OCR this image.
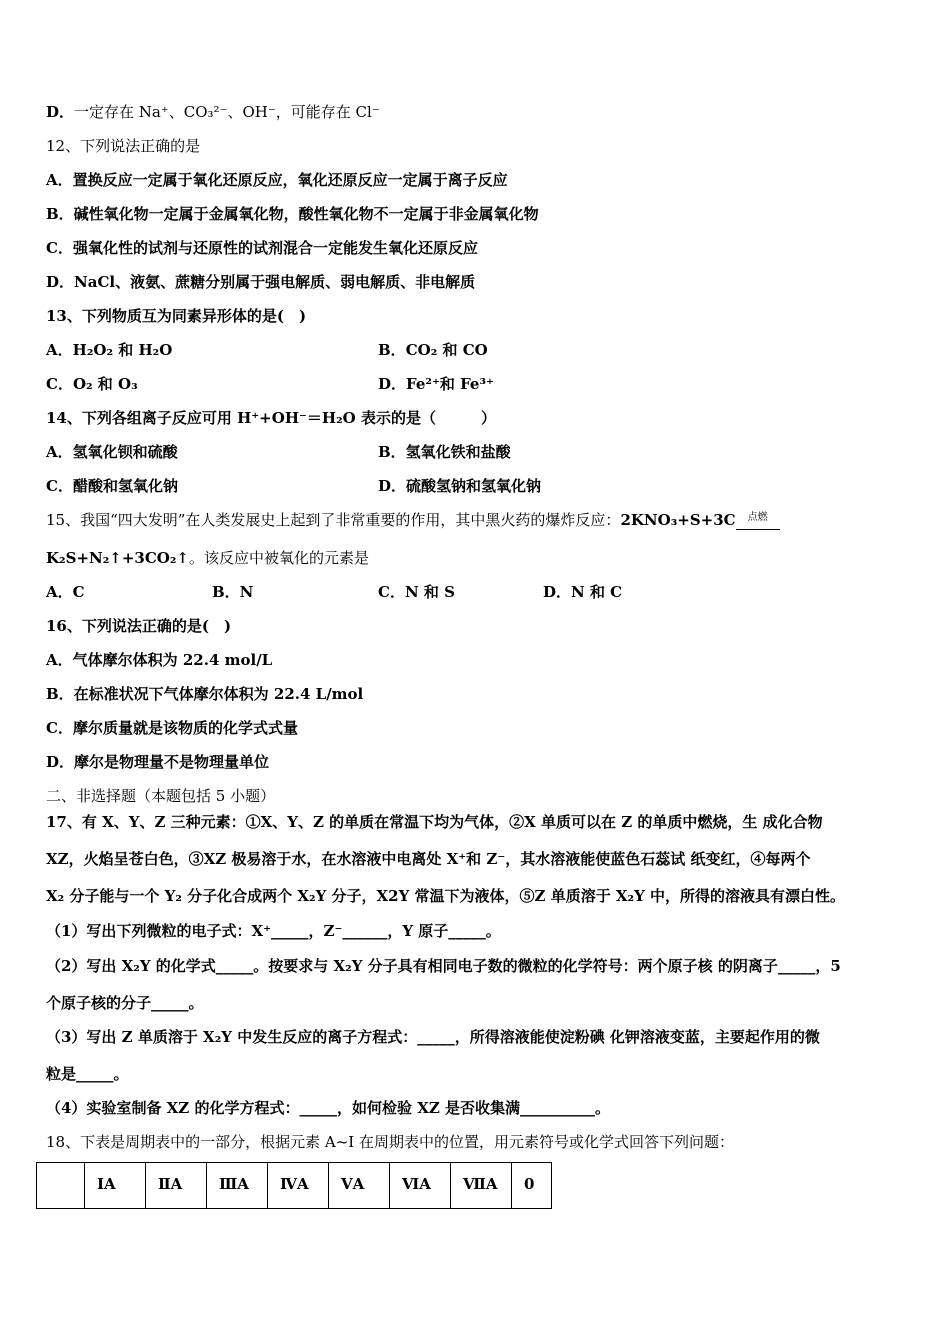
D．一定存在 Na⁺、CO₃²⁻、OH⁻，可能存在 Cl⁻
12、下列说法正确的是
A．置换反应一定属于氧化还原反应，氧化还原反应一定属于离子反应
B．碱性氧化物一定属于金属氧化物，酸性氧化物不一定属于非金属氧化物
C．强氧化性的试剂与还原性的试剂混合一定能发生氧化还原反应
D．NaCl、液氨、蔗糖分别属于强电解质、弱电解质、非电解质
13、下列物质互为同素异形体的是(　)
A．H₂O₂ 和 H₂O	B．CO₂ 和 CO
C．O₂ 和 O₃	D．Fe²⁺和 Fe³⁺
14、下列各组离子反应可用 H⁺+OH⁻＝H₂O 表示的是（　　　）
A．氢氧化钡和硫酸	B．氢氧化铁和盐酸
C．醋酸和氢氧化钠	D．硫酸氢钠和氢氧化钠
15、我国“四大发明”在人类发展史上起到了非常重要的作用，其中黑火药的爆炸反应：2KNO₃+S+3C	点燃
K₂S+N₂↑+3CO₂↑。该反应中被氧化的元素是
A．C	B．N	C．N 和 S	D．N 和 C
16、下列说法正确的是(　)
A．气体摩尔体积为 22.4 mol/L
B．在标准状况下气体摩尔体积为 22.4 L/mol
C．摩尔质量就是该物质的化学式式量
D．摩尔是物理量不是物理量单位
二、非选择题（本题包括 5 小题）
17、有 X、Y、Z 三种元素：①X、Y、Z 的单质在常温下均为气体，②X 单质可以在 Z 的单质中燃烧，生 成化合物
XZ，火焰呈苍白色，③XZ 极易溶于水，在水溶液中电离处 X⁺和 Z⁻，其水溶液能使蓝色石蕊试 纸变红，④每两个
X₂ 分子能与一个 Y₂ 分子化合成两个 X₂Y 分子，X2Y 常温下为液体，⑤Z 单质溶于 X₂Y 中，所得的溶液具有漂白性。
（1）写出下列微粒的电子式：X⁺_____，Z⁻______，Y 原子_____。
（2）写出 X₂Y 的化学式_____。按要求与 X₂Y 分子具有相同电子数的微粒的化学符号：两个原子核 的阴离子_____，5
个原子核的分子_____。
（3）写出 Z 单质溶于 X₂Y 中发生反应的离子方程式：_____，所得溶液能使淀粉碘 化钾溶液变蓝，主要起作用的微
粒是_____。
（4）实验室制备 XZ 的化学方程式：_____，如何检验 XZ 是否收集满__________。
18、下表是周期表中的一部分，根据元素 A~I 在周期表中的位置，用元素符号或化学式回答下列问题：
	ⅠA	ⅡA	ⅢA	ⅣA	ⅤA	ⅥA	ⅦA	0
